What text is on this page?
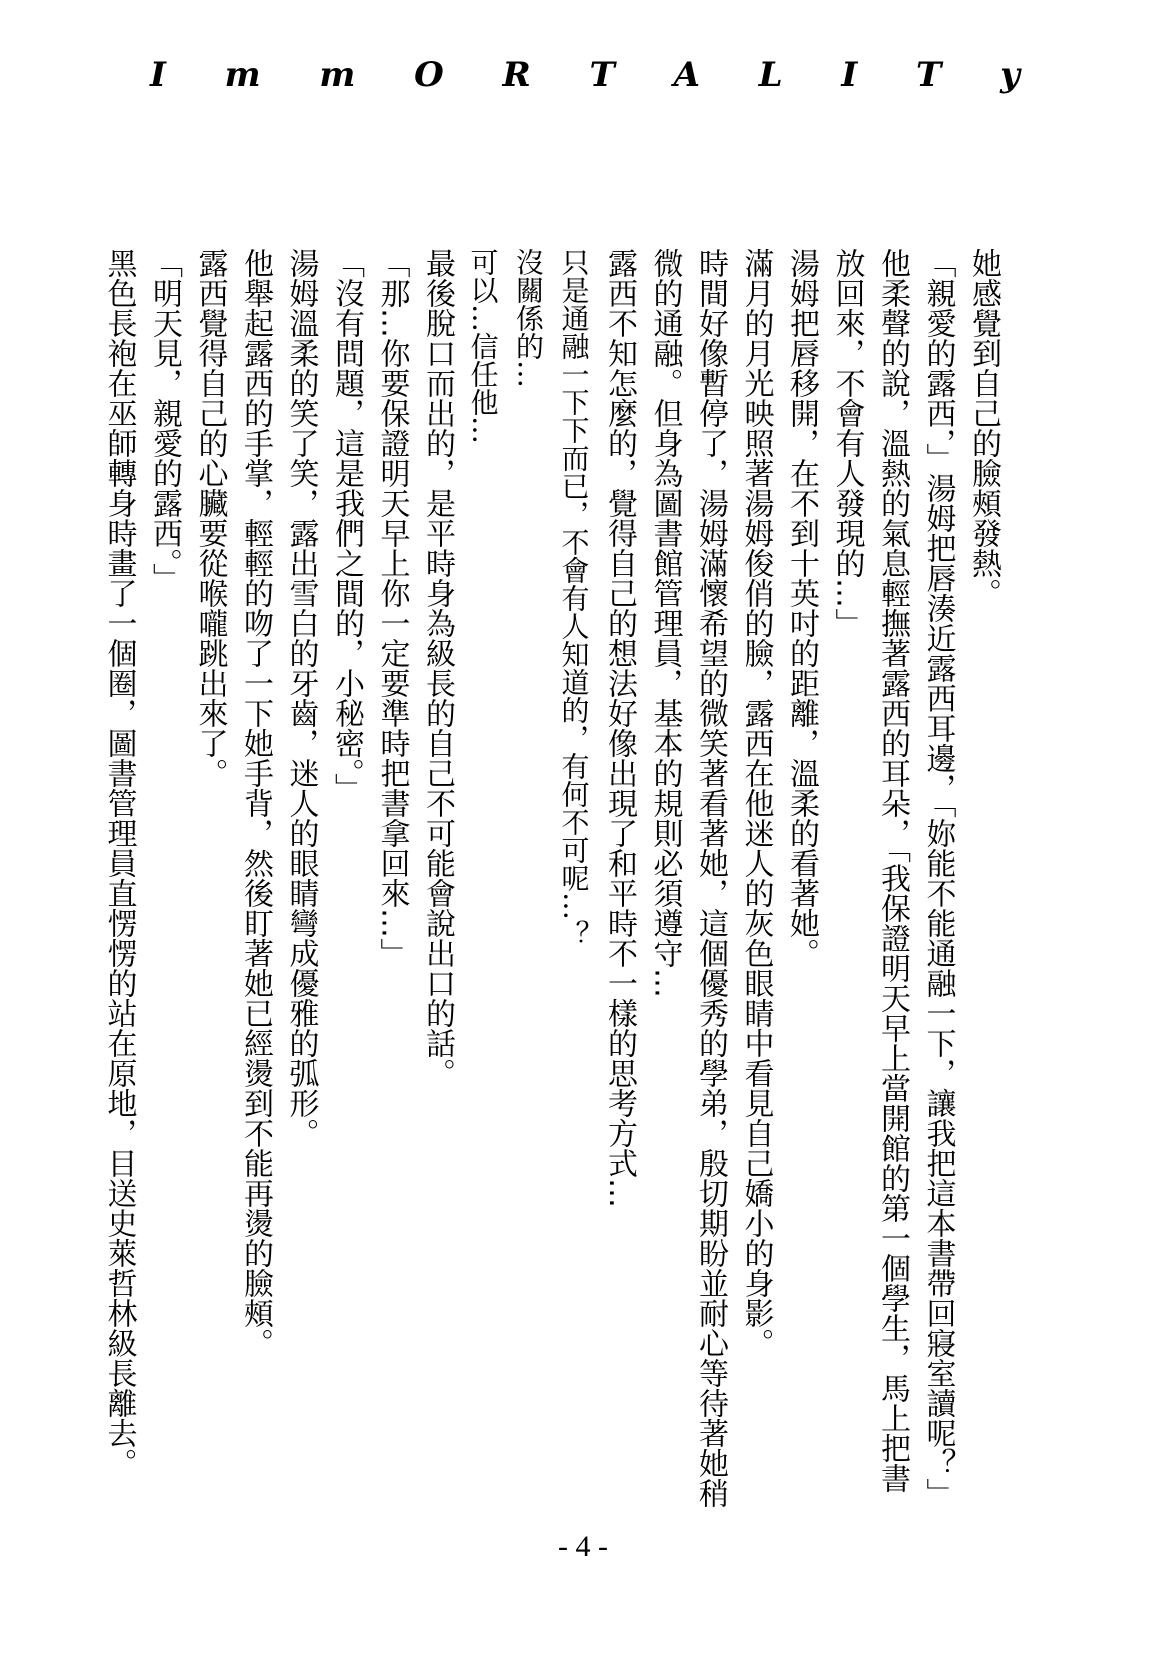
I m m O R T A L I T y

她感覺到自己的臉頰發熱。

「親愛的露西，」湯姆把唇湊近露西耳邊，「妳能不能通融一下，讓我把這本書帶回寢室讀呢？」

他柔聲的說，溫熱的氣息輕撫著露西的耳朵，「我保證明天早上當開館的第一個學生，馬上把書

放回來，不會有人發現的…」

湯姆把唇移開，在不到十英吋的距離，溫柔的看著她。

滿月的月光映照著湯姆俊俏的臉，露西在他迷人的灰色眼睛中看見自己嬌小的身影。

時間好像暫停了，湯姆滿懷希望的微笑著看著她，這個優秀的學弟，殷切期盼並耐心等待著她稍

微的通融。但身為圖書館管理員，基本的規則必須遵守…

露西不知怎麼的，覺得自己的想法好像出現了和平時不一樣的思考方式…

只是通融一下下而已，不會有人知道的，有何不可呢…？

沒關係的…

可以…信任他…

最後脫口而出的，是平時身為級長的自己不可能會說出口的話。

「那…你要保證明天早上你一定要準時把書拿回來…」

「沒有問題，這是我們之間的，小秘密。」

湯姆溫柔的笑了笑，露出雪白的牙齒，迷人的眼睛彎成優雅的弧形。

他舉起露西的手掌，輕輕的吻了一下她手背，然後盯著她已經燙到不能再燙的臉頰。

露西覺得自己的心臟要從喉嚨跳出來了。

「明天見，親愛的露西。」

黑色長袍在巫師轉身時畫了一個圈，圖書管理員直愣愣的站在原地，目送史萊哲林級長離去。

- 4 -
